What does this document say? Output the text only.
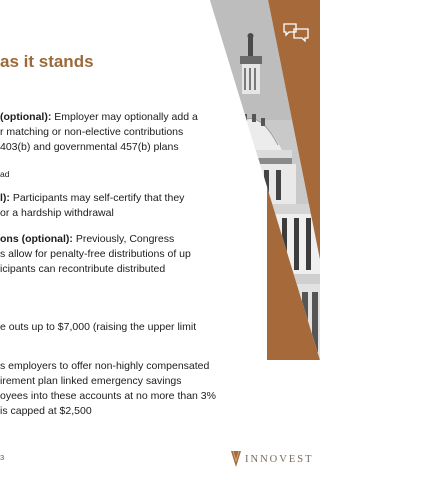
as it stands
(optional): Employer may optionally add a
r matching or non-elective contributions
403(b) and governmental 457(b) plans
ad
l): Participants may self-certify that they
or a hardship withdrawal
ons (optional): Previously, Congress
s allow for penalty-free distributions of up
icipants can recontribute distributed
e outs up to $7,000 (raising the upper limit
s employers to offer non-highly compensated
irement plan linked emergency savings
oyees into these accounts at no more than 3%
is capped at $2,500
3	INNOVEST
